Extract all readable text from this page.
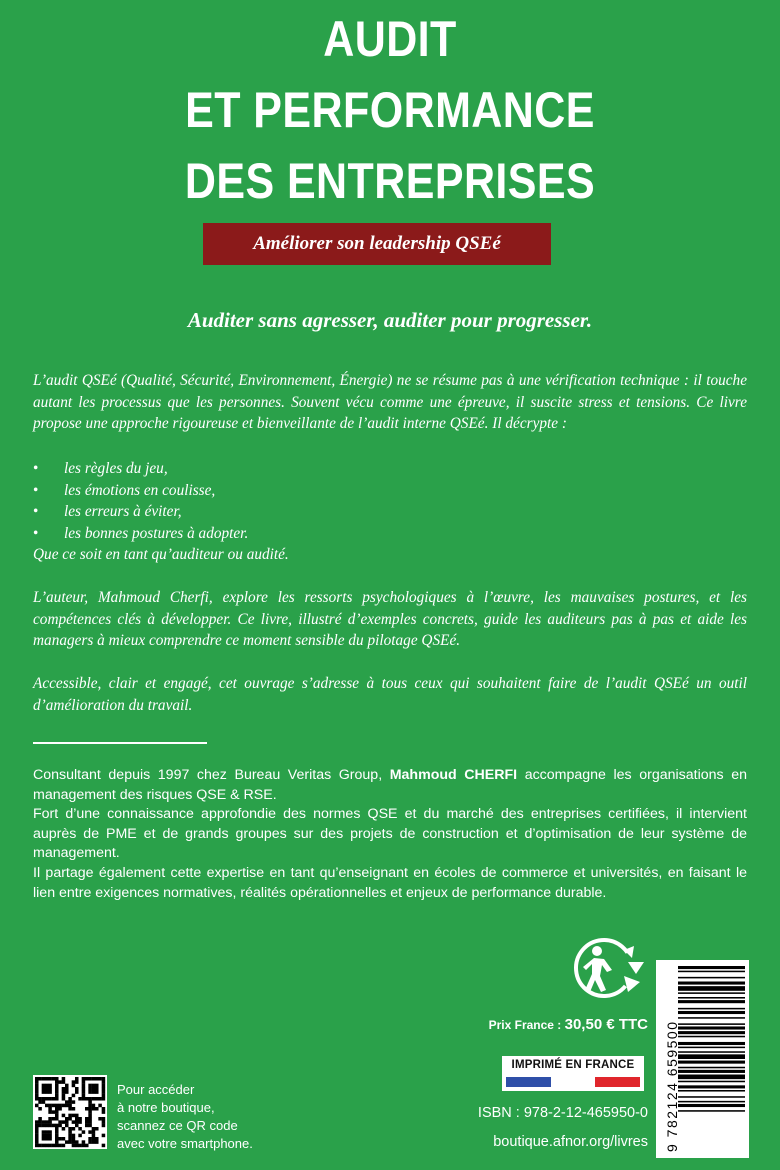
AUDIT
ET PERFORMANCE
DES ENTREPRISES
Améliorer son leadership QSEé
Auditer sans agresser, auditer pour progresser.
L’audit QSEé (Qualité, Sécurité, Environnement, Énergie) ne se résume pas à une vérification technique : il touche autant les processus que les personnes. Souvent vécu comme une épreuve, il suscite stress et tensions. Ce livre propose une approche rigoureuse et bienveillante de l’audit interne QSEé. Il décrypte :
• les règles du jeu,
• les émotions en coulisse,
• les erreurs à éviter,
• les bonnes postures à adopter.
Que ce soit en tant qu’auditeur ou audité.
L’auteur, Mahmoud Cherfi, explore les ressorts psychologiques à l’œuvre, les mauvaises postures, et les compétences clés à développer. Ce livre, illustré d’exemples concrets, guide les auditeurs pas à pas et aide les managers à mieux comprendre ce moment sensible du pilotage QSEé.
Accessible, clair et engagé, cet ouvrage s’adresse à tous ceux qui souhaitent faire de l’audit QSEé un outil d’amélioration du travail.
Consultant depuis 1997 chez Bureau Veritas Group, Mahmoud CHERFI accompagne les organisations en management des risques QSE & RSE.
Fort d’une connaissance approfondie des normes QSE et du marché des entreprises certifiées, il intervient auprès de PME et de grands groupes sur des projets de construction et d’optimisation de leur système de management.
Il partage également cette expertise en tant qu’enseignant en écoles de commerce et universités, en faisant le lien entre exigences normatives, réalités opérationnelles et enjeux de performance durable.
Prix France : 30,50 € TTC 9 782124 659500
IMPRIMÉ EN FRANCE
ISBN : 978-2-12-465950-0
boutique.afnor.org/livres
Pour accéder
à notre boutique,
scannez ce QR code
avec votre smartphone.
